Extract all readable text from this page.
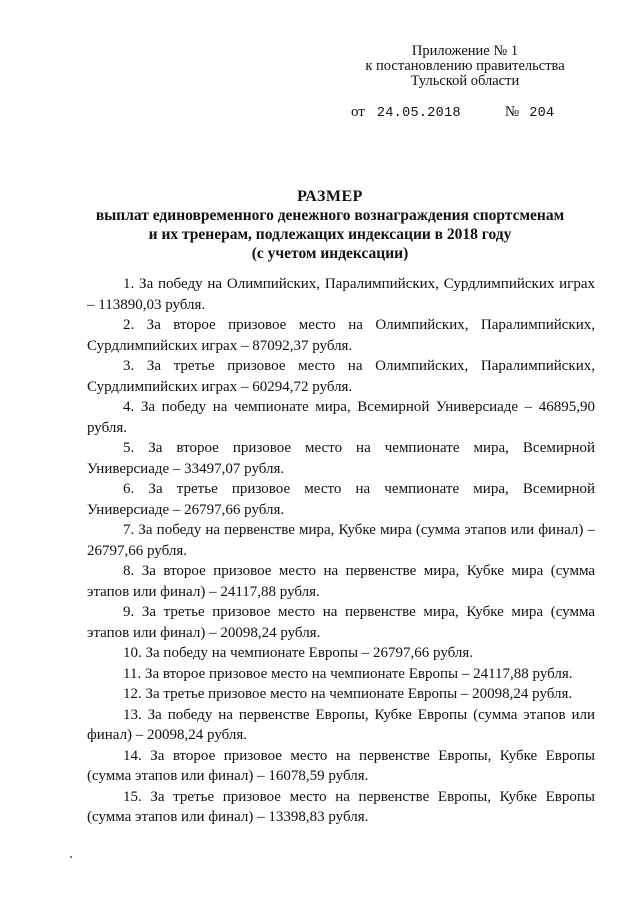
Приложение № 1
к постановлению правительства
Тульской области
от 24.05.2018	№ 204
РАЗМЕР
выплат единовременного денежного вознаграждения спортсменам
и их тренерам, подлежащих индексации в 2018 году
(с учетом индексации)

1. За победу на Олимпийских, Паралимпийских, Сурдлимпийских играх – 113890,03 рубля.

2. За второе призовое место на Олимпийских, Паралимпийских, Сурдлимпийских играх – 87092,37 рубля.

3. За третье призовое место на Олимпийских, Паралимпийских, Сурдлимпийских играх – 60294,72 рубля.

4. За победу на чемпионате мира, Всемирной Универсиаде – 46895,90 рубля.

5. За второе призовое место на чемпионате мира, Всемирной Универсиаде – 33497,07 рубля.

6. За третье призовое место на чемпионате мира, Всемирной Универсиаде – 26797,66 рубля.

7. За победу на первенстве мира, Кубке мира (сумма этапов или финал) – 26797,66 рубля.

8. За второе призовое место на первенстве мира, Кубке мира (сумма этапов или финал) – 24117,88 рубля.

9. За третье призовое место на первенстве мира, Кубке мира (сумма этапов или финал) – 20098,24 рубля.

10. За победу на чемпионате Европы – 26797,66 рубля.

11. За второе призовое место на чемпионате Европы – 24117,88 рубля.

12. За третье призовое место на чемпионате Европы – 20098,24 рубля.

13. За победу на первенстве Европы, Кубке Европы (сумма этапов или финал) – 20098,24 рубля.

14. За второе призовое место на первенстве Европы, Кубке Европы (сумма этапов или финал) – 16078,59 рубля.

15. За третье призовое место на первенстве Европы, Кубке Европы (сумма этапов или финал) – 13398,83 рубля.
